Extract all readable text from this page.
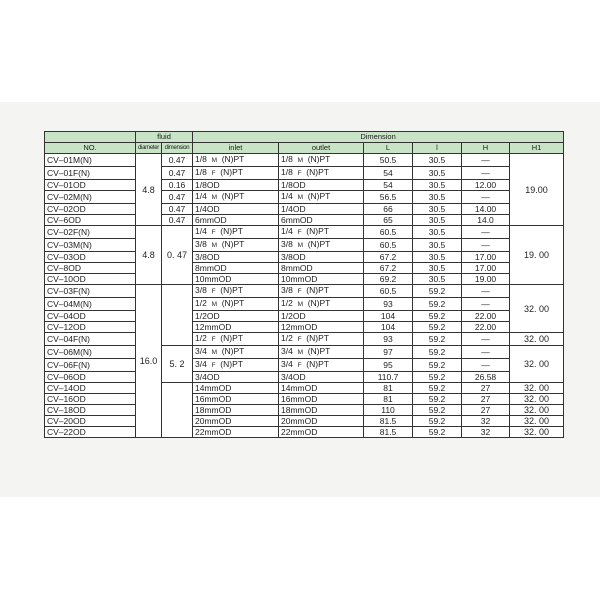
	fluid		Dimension					
NO.	diameter	dimension	inlet	outlet	L	l	H	H1
CV–01M(N)	4.8	0.47	1/8  M  (N)PT	1/8  M  (N)PT	50.5	30.5	—	19.00
CV–01F(N)		0.47	1/8  F  (N)PT	1/8  F  (N)PT	54	30.5	—	
CV–01OD		0.16	1/8OD	1/8OD	54	30.5	12.00	
CV–02M(N)		0.47	1/4  M  (N)PT	1/4  M  (N)PT	56.5	30.5	—	
CV–02OD		0.47	1/4OD	1/4OD	66	30.5	14.00	
CV–6OD		0.47	6mmOD	6mmOD	65	30.5	14.0	
CV–02F(N)	4.8	0. 47	1/4  F  (N)PT	1/4  F  (N)PT	60.5	30.5	—	19. 00
CV–03M(N)			3/8  M  (N)PT	3/8  M  (N)PT	60.5	30.5	—	
CV–03OD			3/8OD	3/8OD	67.2	30.5	17.00	
CV–8OD			8mmOD	8mmOD	67.2	30.5	17.00	
CV–10OD			10mmOD	10mmOD	69.2	30.5	19.00	
CV–03F(N)	16.0		3/8  F  (N)PT	3/8  F  (N)PT	60.5	59.2	—	32. 00
CV–04M(N)			1/2  M  (N)PT	1/2  M  (N)PT	93	59.2	—	
CV–04OD			1/2OD	1/2OD	104	59.2	22.00	
CV–12OD			12mmOD	12mmOD	104	59.2	22.00	
CV–04F(N)			1/2  F  (N)PT	1/2  F  (N)PT	93	59.2	—	32. 00
CV–06M(N)		5. 2	3/4  M  (N)PT	3/4  M  (N)PT	97	59.2	—	32. 00
CV–06F(N)			3/4  F  (N)PT	3/4  F  (N)PT	95	59.2	—	
CV–06OD			3/4OD	3/4OD	110.7	59.2	26.58	
CV–14OD			14mmOD	14mmOD	81	59.2	27	32. 00
CV–16OD			16mmOD	16mmOD	81	59.2	27	32. 00
CV–18OD			18mmOD	18mmOD	110	59.2	27	32. 00
CV–20OD			20mmOD	20mmOD	81.5	59.2	32	32. 00
CV–22OD			22mmOD	22mmOD	81.5	59.2	32	32. 00
